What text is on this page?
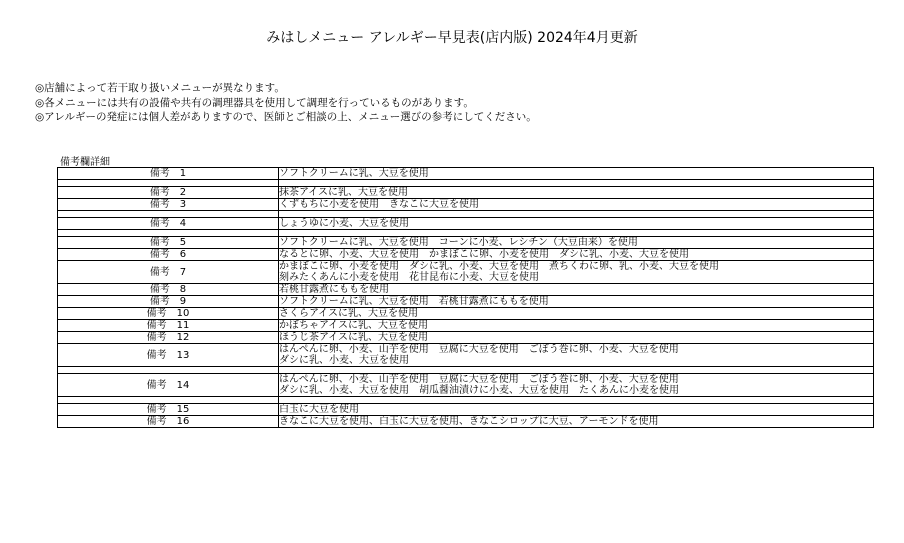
みはしメニュー アレルギー早見表(店内版) 2024年4月更新
◎店舗によって若干取り扱いメニューが異なります。
◎各メニューには共有の設備や共有の調理器具を使用して調理を行っているものがあります。
◎アレルギーの発症には個人差がありますので、医師とご相談の上、メニュー選びの参考にしてください。
備考欄詳細
備考　1	ソフトクリームに乳、大豆を使用

備考　2	抹茶アイスに乳、大豆を使用

備考　3	くずもちに小麦を使用　きなこに大豆を使用

備考　4	しょうゆに小麦、大豆を使用

備考　5	ソフトクリームに乳、大豆を使用　コーンに小麦、レシチン（大豆由来）を使用

備考　6	なるとに卵、小麦、大豆を使用　かまぼこに卵、小麦を使用　ダシに乳、小麦、大豆を使用

備考　7	かまぼこに卵、小麦を使用　ダシに乳、小麦、大豆を使用　煮ちくわに卵、乳、小麦、大豆を使用
刻みたくあんに小麦を使用　花甘昆布に小麦、大豆を使用

備考　8	若桃甘露煮にももを使用

備考　9	ソフトクリームに乳、大豆を使用　若桃甘露煮にももを使用

備考　10	さくらアイスに乳、大豆を使用

備考　11	かぼちゃアイスに乳、大豆を使用

備考　12	ほうじ茶アイスに乳、大豆を使用

備考　13	はんぺんに卵、小麦、山芋を使用　豆腐に大豆を使用　ごぼう巻に卵、小麦、大豆を使用
ダシに乳、小麦、大豆を使用

備考　14	はんぺんに卵、小麦、山芋を使用　豆腐に大豆を使用　ごぼう巻に卵、小麦、大豆を使用
ダシに乳、小麦、大豆を使用　胡瓜醤油漬けに小麦、大豆を使用　たくあんに小麦を使用

備考　15	白玉に大豆を使用

備考　16	きなこに大豆を使用、白玉に大豆を使用、きなこシロップに大豆、アーモンドを使用
